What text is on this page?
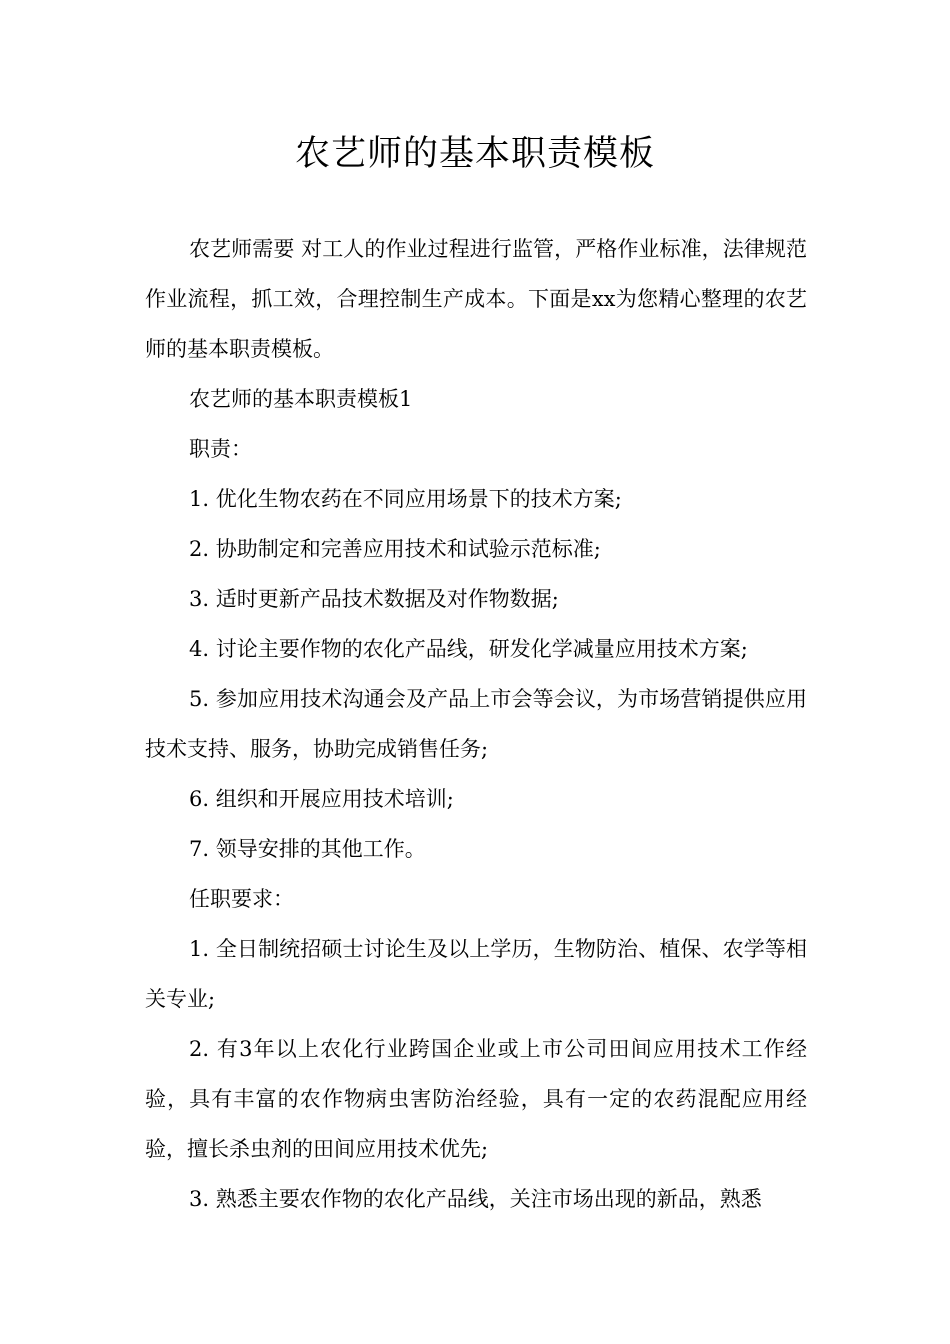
农艺师的基本职责模板

农艺师需要 对工人的作业过程进行监管，严格作业标准，法律规范作业流程，抓工效，合理控制生产成本。下面是xx为您精心整理的农艺师的基本职责模板。

农艺师的基本职责模板1

职责：

1. 优化生物农药在不同应用场景下的技术方案;

2. 协助制定和完善应用技术和试验示范标准;

3. 适时更新产品技术数据及对作物数据;

4. 讨论主要作物的农化产品线，研发化学减量应用技术方案;

5. 参加应用技术沟通会及产品上市会等会议，为市场营销提供应用技术支持、服务，协助完成销售任务;

6. 组织和开展应用技术培训;

7. 领导安排的其他工作。

任职要求：

1. 全日制统招硕士讨论生及以上学历，生物防治、植保、农学等相关专业;

2. 有3年以上农化行业跨国企业或上市公司田间应用技术工作经验，具有丰富的农作物病虫害防治经验，具有一定的农药混配应用经验，擅长杀虫剂的田间应用技术优先;

3. 熟悉主要农作物的农化产品线，关注市场出现的新品，熟悉
